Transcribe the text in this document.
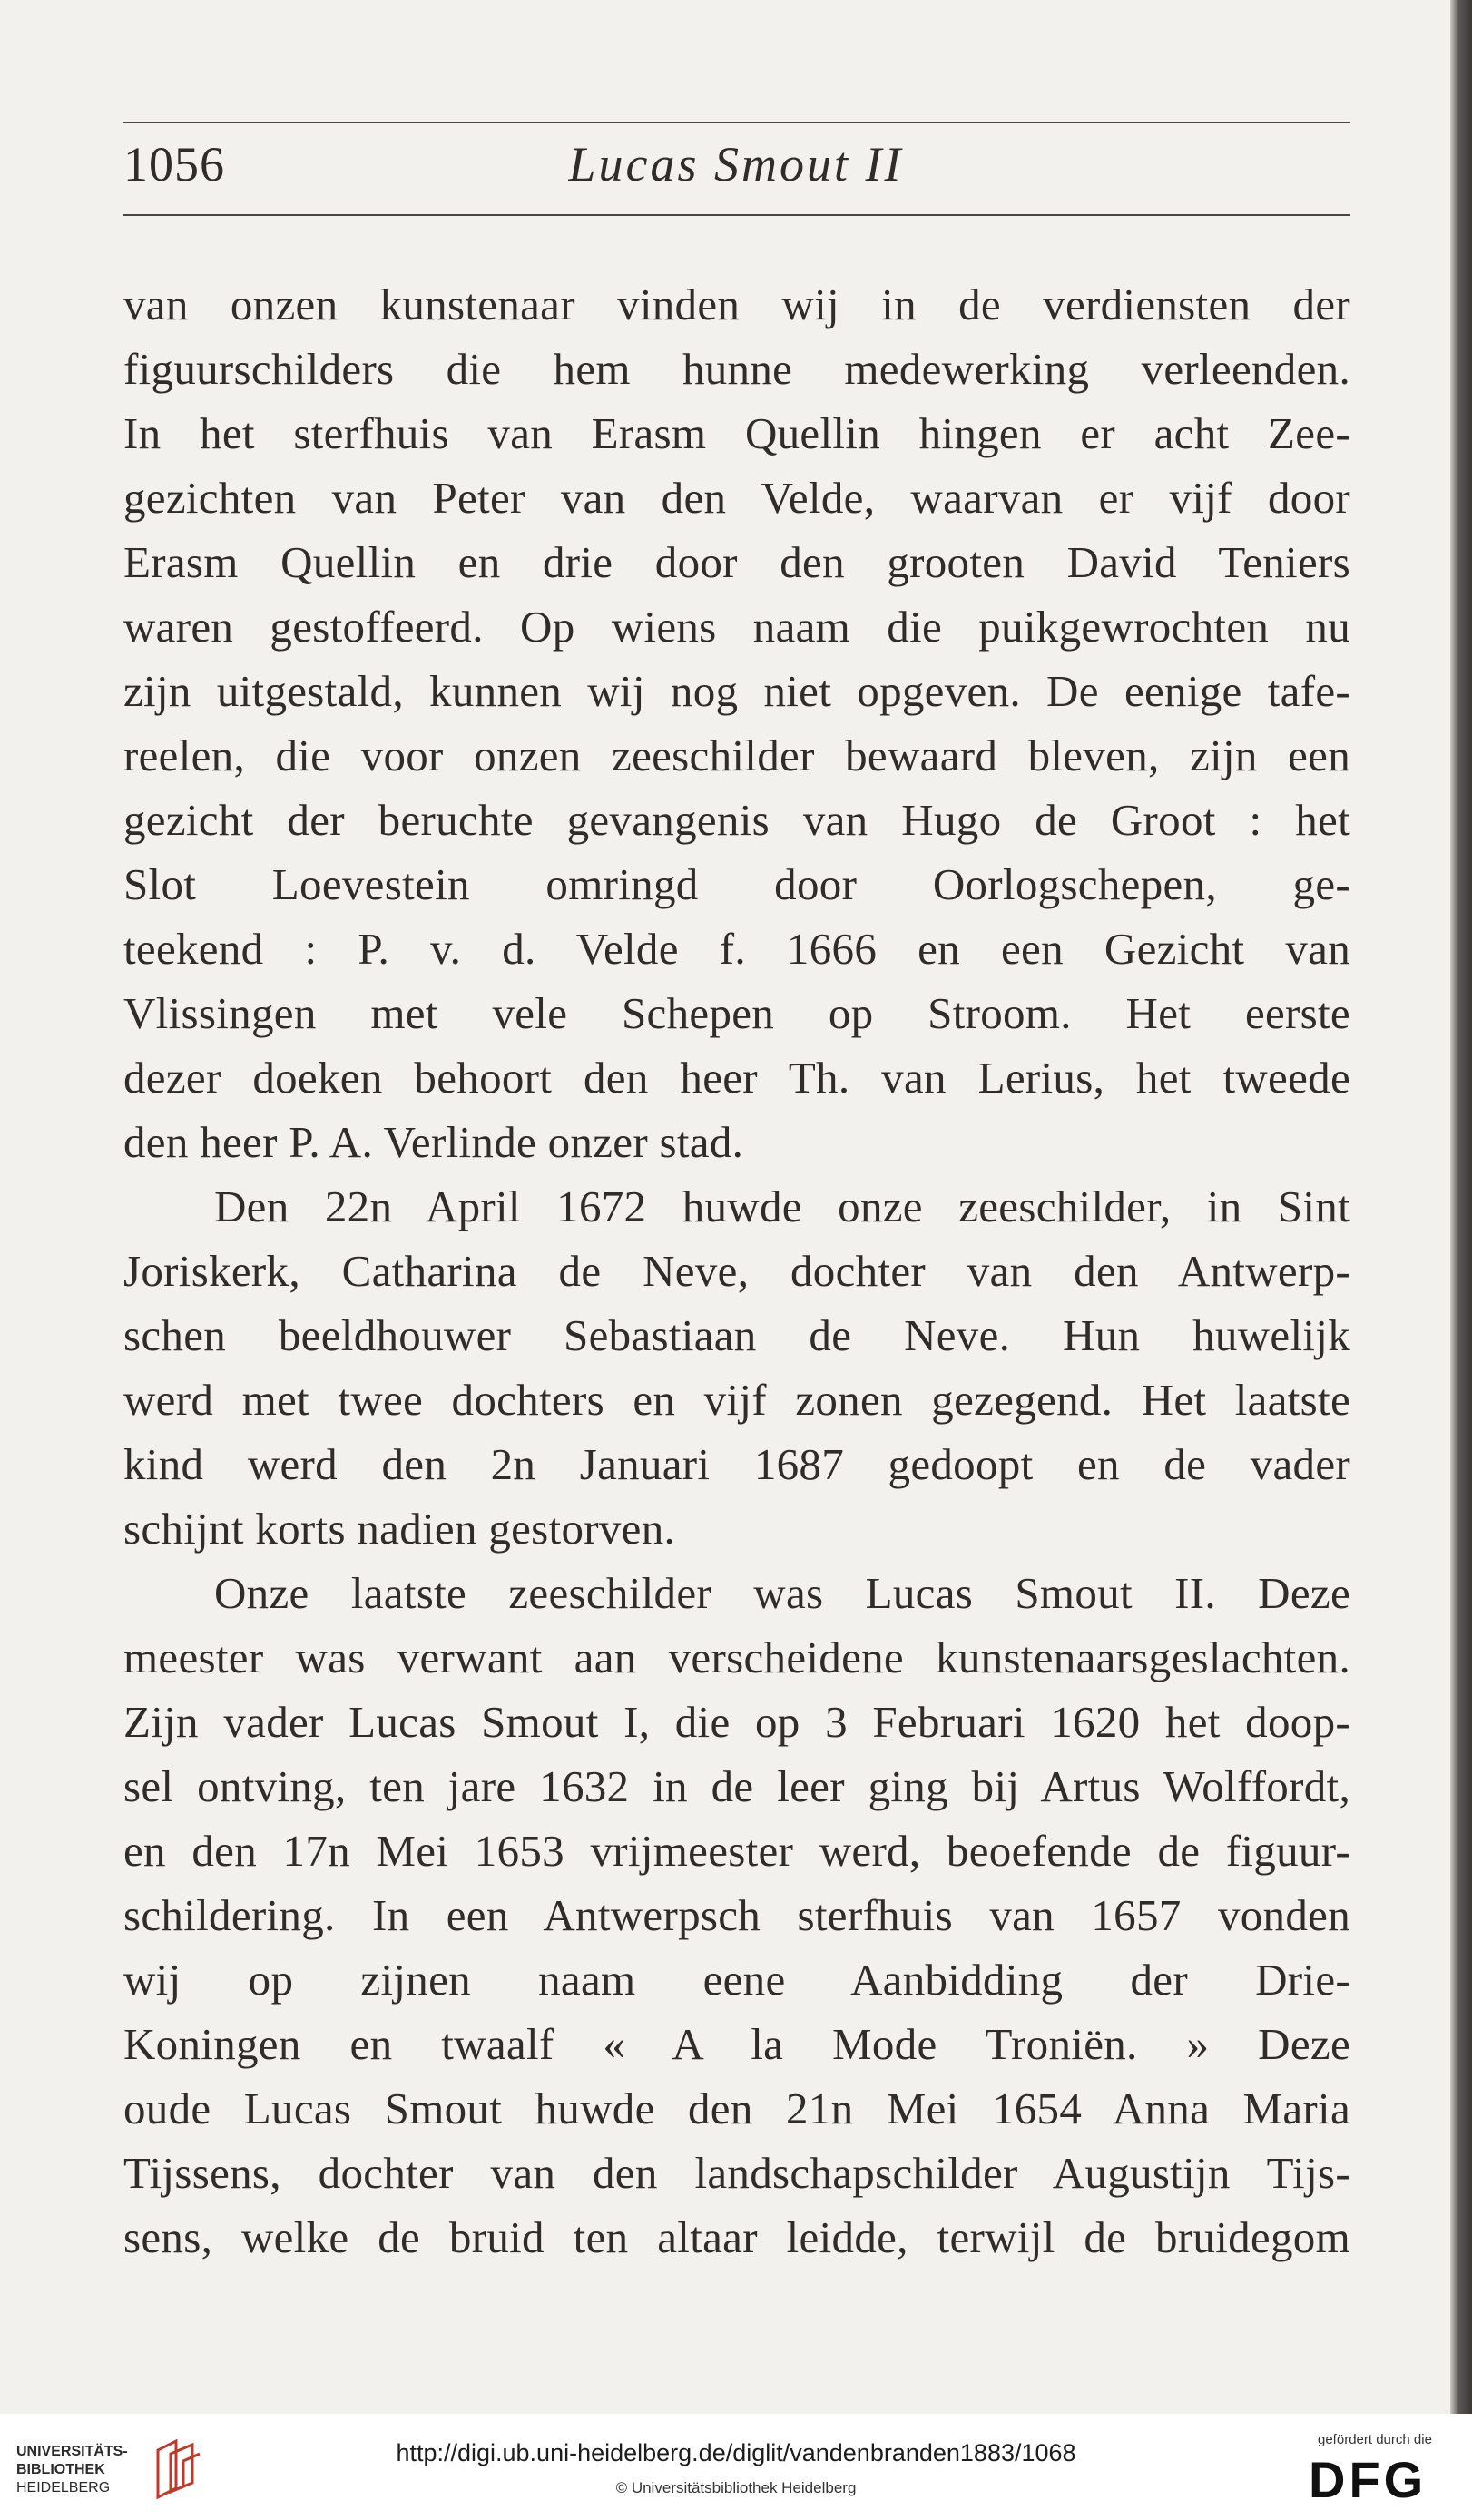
1056	Lucas Smout II
van onzen kunstenaar vinden wij in de verdiensten der
figuurschilders die hem hunne medewerking verleenden.
In het sterfhuis van Erasm Quellin hingen er acht Zee-
gezichten van Peter van den Velde, waarvan er vijf door
Erasm Quellin en drie door den grooten David Teniers
waren gestoffeerd. Op wiens naam die puikgewrochten nu
zijn uitgestald, kunnen wij nog niet opgeven. De eenige tafe-
reelen, die voor onzen zeeschilder bewaard bleven, zijn een
gezicht der beruchte gevangenis van Hugo de Groot : het
Slot Loevestein omringd door Oorlogschepen, ge-
teekend : P. v. d. Velde f. 1666 en een Gezicht van
Vlissingen met vele Schepen op Stroom. Het eerste
dezer doeken behoort den heer Th. van Lerius, het tweede
den heer P. A. Verlinde onzer stad.
Den 22n April 1672 huwde onze zeeschilder, in Sint
Joriskerk, Catharina de Neve, dochter van den Antwerp-
schen beeldhouwer Sebastiaan de Neve. Hun huwelijk
werd met twee dochters en vijf zonen gezegend. Het laatste
kind werd den 2n Januari 1687 gedoopt en de vader
schijnt korts nadien gestorven.
Onze laatste zeeschilder was Lucas Smout II. Deze
meester was verwant aan verscheidene kunstenaarsgeslachten.
Zijn vader Lucas Smout I, die op 3 Februari 1620 het doop-
sel ontving, ten jare 1632 in de leer ging bij Artus Wolffordt,
en den 17n Mei 1653 vrijmeester werd, beoefende de figuur-
schildering. In een Antwerpsch sterfhuis van 1657 vonden
wij op zijnen naam eene Aanbidding der Drie-
Koningen en twaalf « A la Mode Troniën. » Deze
oude Lucas Smout huwde den 21n Mei 1654 Anna Maria
Tijssens, dochter van den landschapschilder Augustijn Tijs-
sens, welke de bruid ten altaar leidde, terwijl de bruidegom
UNIVERSITÄTS-
BIBLIOTHEK
HEIDELBERG
http://digi.ub.uni-heidelberg.de/diglit/vandenbranden1883/1068
© Universitätsbibliothek Heidelberg
gefördert durch die
DFG
